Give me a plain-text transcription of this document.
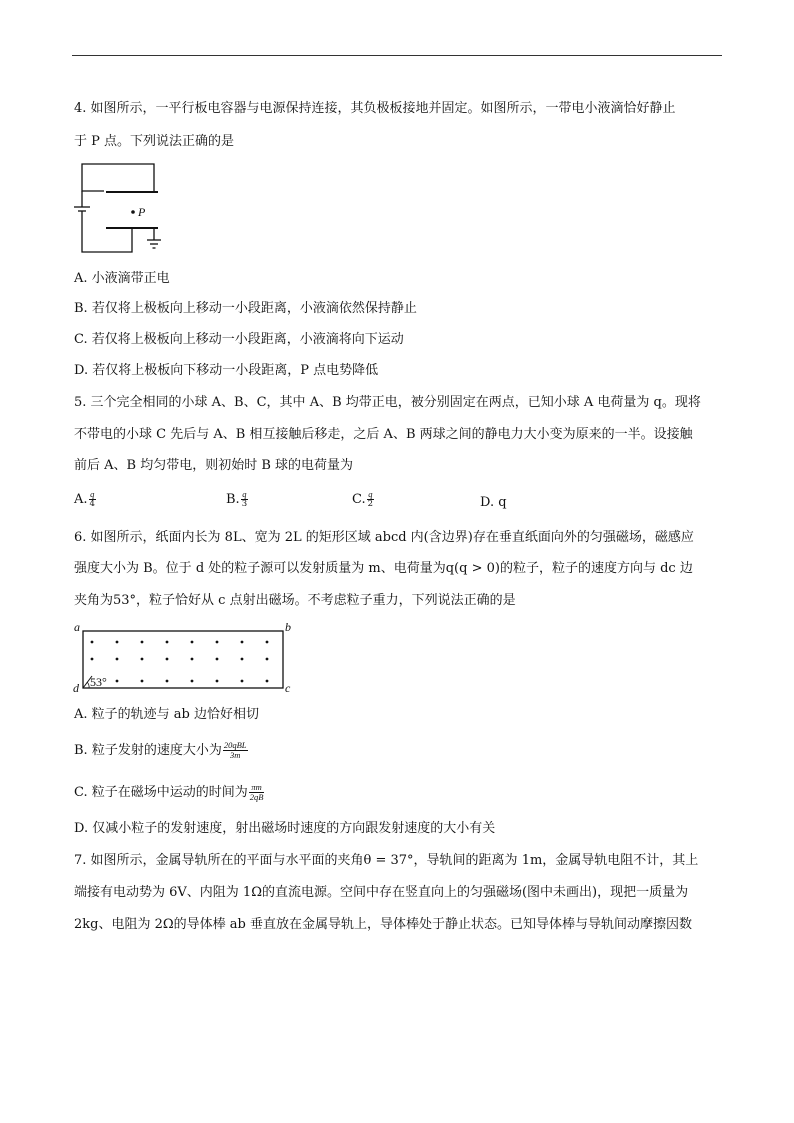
4. 如图所示，一平行板电容器与电源保持连接，其负极板接地并固定。如图所示，一带电小液滴恰好静止
于 P 点。下列说法正确的是
P
A. 小液滴带正电
B. 若仅将上极板向上移动一小段距离，小液滴依然保持静止
C. 若仅将上极板向上移动一小段距离，小液滴将向下运动
D. 若仅将上极板向下移动一小段距离，P 点电势降低
5. 三个完全相同的小球 A、B、C，其中 A、B 均带正电，被分别固定在两点，已知小球 A 电荷量为 q。现将
不带电的小球 C 先后与 A、B 相互接触后移走，之后 A、B 两球之间的静电力大小变为原来的一半。设接触
前后 A、B 均匀带电，则初始时 B 球的电荷量为
A. $\frac{q}{4}$	B. $\frac{q}{3}$	C. $\frac{q}{2}$	D. q
6. 如图所示，纸面内长为 8L、宽为 2L 的矩形区域 abcd 内(含边界)存在垂直纸面向外的匀强磁场，磁感应
强度大小为 B。位于 d 处的粒子源可以发射质量为 m、电荷量为q(q > 0)的粒子，粒子的速度方向与 dc 边
夹角为53°，粒子恰好从 c 点射出磁场。不考虑粒子重力，下列说法正确的是
53°
a	b
c
d
A. 粒子的轨迹与 ab 边恰好相切
B. 粒子发射的速度大小为 $\frac{\text{20qBL}}{3m}$
C. 粒子在磁场中运动的时间为 $\frac{\pi m}{2qB}$
D. 仅减小粒子的发射速度，射出磁场时速度的方向跟发射速度的大小有关
7. 如图所示，金属导轨所在的平面与水平面的夹角θ = 37°，导轨间的距离为 1m，金属导轨电阻不计，其上
端接有电动势为 6V、内阻为 1Ω的直流电源。空间中存在竖直向上的匀强磁场(图中未画出)，现把一质量为
2kg、电阻为 2Ω的导体棒 ab 垂直放在金属导轨上，导体棒处于静止状态。已知导体棒与导轨间动摩擦因数
